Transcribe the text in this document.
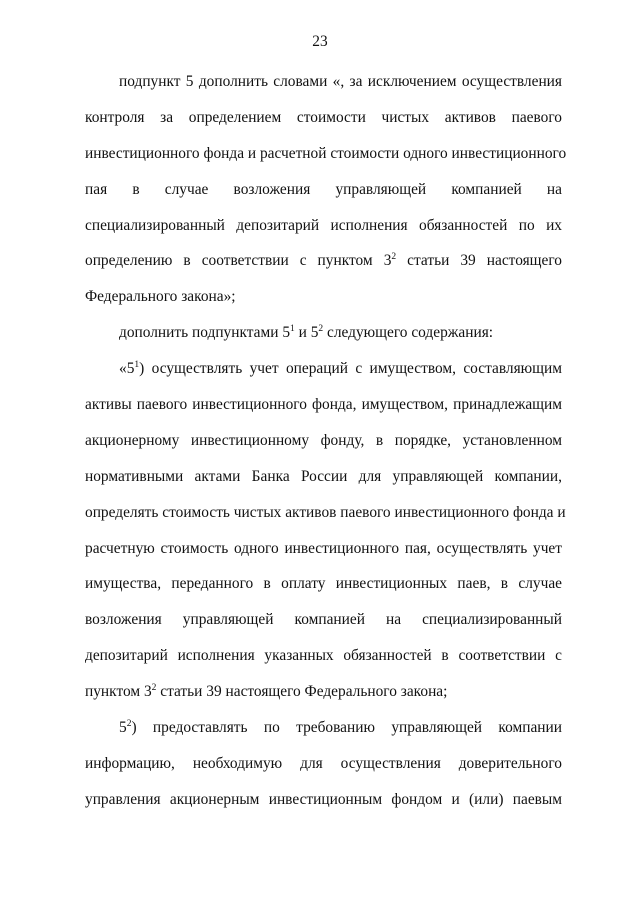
23
подпункт 5 дополнить словами «, за исключением осуществления
контроля за определением стоимости чистых активов паевого
инвестиционного фонда и расчетной стоимости одного инвестиционного
пая в случае возложения управляющей компанией на
специализированный депозитарий исполнения обязанностей по их
определению в соответствии с пунктом $3^2$ статьи 39 настоящего
Федерального закона»;
дополнить подпунктами $5^1$ и $5^2$ следующего содержания:
«$5^1$) осуществлять учет операций с имуществом, составляющим
активы паевого инвестиционного фонда, имуществом, принадлежащим
акционерному инвестиционному фонду, в порядке, установленном
нормативными актами Банка России для управляющей компании,
определять стоимость чистых активов паевого инвестиционного фонда и
расчетную стоимость одного инвестиционного пая, осуществлять учет
имущества, переданного в оплату инвестиционных паев, в случае
возложения управляющей компанией на специализированный
депозитарий исполнения указанных обязанностей в соответствии с
пунктом $3^2$ статьи 39 настоящего Федерального закона;
$5^2$) предоставлять по требованию управляющей компании
информацию, необходимую для осуществления доверительного
управления акционерным инвестиционным фондом и (или) паевым
